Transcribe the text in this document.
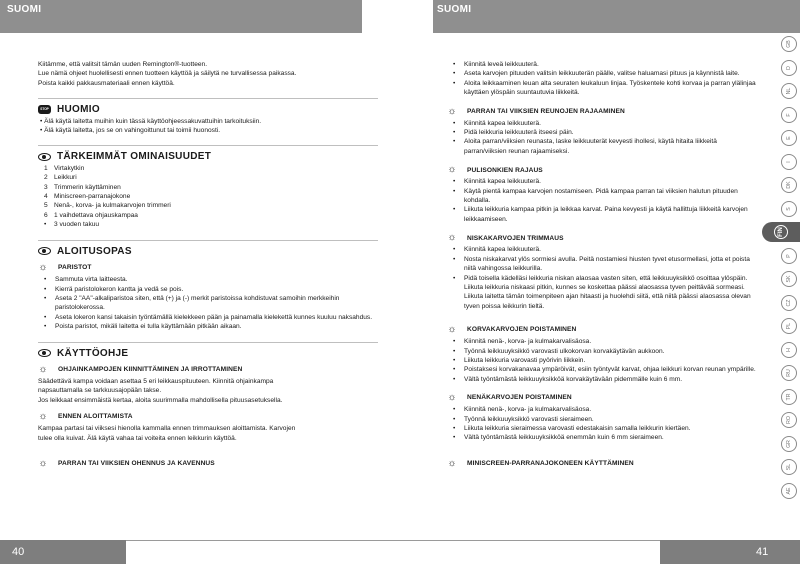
SUOMI
Kiitämme, että valitsit tämän uuden Remington®-tuotteen.
Lue nämä ohjeet huolellisesti ennen tuotteen käyttöä ja säilytä ne turvallisessa paikassa.
Poista kaikki pakkausmateriaali ennen käyttöä.
STOP HUOMIO
• Älä käytä laitetta muihin kuin tässä käyttöohjeessakuvattuihin tarkoituksiin.
• Älä käytä laitetta, jos se on vahingoittunut tai toimii huonosti.
TÄRKEIMMÄT OMINAISUUDET
1 Virtakytkin
2 Leikkuri
3 Trimmerin käyttäminen
4 Miniscreen-parranajokone
5 Nenä-, korva- ja kulmakarvojen trimmeri
6 1 vaihdettava ohjauskampaa
•	3 vuoden takuu
ALOITUSOPAS
☼ PARISTOT
• Sammuta virta laitteesta.
• Kierrä paristolokeron kantta ja vedä se pois.
• Aseta 2 "AA"-alkaliparistoa siten, että (+) ja (-) merkit paristoissa kohdistuvat samoihin merkkeihin paristolokerossa.
• Aseta lokeron kansi takaisin työntämällä kielekkeen pään ja painamalla kielekettä kunnes kuuluu naksahdus.
• Poista paristot, mikäli laitetta ei tulla käyttämään pitkään aikaan.
KÄYTTÖOHJE
☼ OHJAINKAMPOJEN KIINNITTÄMINEN JA IRROTTAMINEN
Säädettävä kampa voidaan asettaa 5 eri leikkauspituuteen. Kiinnitä ohjainkampa
napsauttamalla se tarkkuusajopään takse.
Jos leikkaat ensimmäistä kertaa, aloita suurimmalla mahdollisella pituusasetuksella.
☼ ENNEN ALOITTAMISTA
Kampaa partasi tai viiksesi hienolla kammalla ennen trimmauksen aloittamista. Karvojen
tulee olla kuivat. Älä käytä vahaa tai voiteita ennen leikkurin käyttöä.
☼ PARRAN TAI VIIKSIEN OHENNUS JA KAVENNUS
40
SUOMI
• Kiinnitä leveä leikkuuterä.
• Aseta karvojen pituuden valitsin leikkuuterän päälle, valitse haluamasi pituus ja käynnistä laite.
• Aloita leikkaaminen leuan alta seuraten leukaluun linjaa. Työskentele kohti korvaa ja parran ylälinjaa käyttäen ylöspäin suuntautuvia liikkeitä.
☼ PARRAN TAI VIIKSIEN REUNOJEN RAJAAMINEN
• Kiinnitä kapea leikkuuterä.
• Pidä leikkuria leikkuuterä itseesi päin.
• Aloita parran/viiksien reunasta, laske leikkuuterät kevyesti ihollesi, käytä hitaita liikkeitä parran/viiksien reunan rajaamiseksi.
☼ PULISONKIEN RAJAUS
• Kiinnitä kapea leikkuuterä.
• Käytä pientä kampaa karvojen nostamiseen. Pidä kampaa parran tai viiksien halutun pituuden kohdalla.
• Liikuta leikkuria kampaa pitkin ja leikkaa karvat. Paina kevyesti ja käytä hallittuja liikkeitä karvojen leikkaamiseen.
☼ NISKAKARVOJEN TRIMMAUS
• Kiinnitä kapea leikkuuterä.
• Nosta niskakarvat ylös sormiesi avulla. Peitä nostamiesi hiusten tyvet etusormellasi, jotta et poista niitä vahingossa leikkurilla.
• Pidä toisella kädelläsi leikkuria niskan alaosaa vasten siten, että leikkuuyksikkö osoittaa ylöspäin. Liikuta leikkuria niskaasi pitkin, kunnes se koskettaa päässi alaosassa tyven peittävää sormeasi. Liikuta laitetta tämän toimenpiteen ajan hitaasti ja huolehdi siitä, että niitä päässi alaosassa olevan tyven poissa leikkurin tieltä.
☼ KORVAKARVOJEN POISTAMINEN
• Kiinnitä nenä-, korva- ja kulmakarvalisäosa.
• Työnnä leikkuuyksikkö varovasti ulkokorvan korvakäytävän aukkoon.
• Liikuta leikkuria varovasti pyörivin liikkein.
• Poistaksesi korvakanavaa ympäröivät, esiin työntyvät karvat, ohjaa leikkuri korvan reunan ympärille.
• Vältä työntämästä leikkuuyksikköä korvakäytävään pidemmälle kuin 6 mm.
☼ NENÄKARVOJEN POISTAMINEN
• Kiinnitä nenä-, korva- ja kulmakarvalisäosa.
• Työnnä leikkuuyksikkö varovasti sieraimeen.
• Liikuta leikkuria sieraimessa varovasti edestakaisin samalla leikkurin kiertäen.
• Vältä työntämästä leikkuuyksikköä enemmän kuin 6 mm sieraimeen.
☼ MINISCREEN-PARRANAJOKONEEN KÄYTTÄMINEN
41
GB
D
NL
F
E
I
DK
S
FIN
P
SK
CZ
PL
H
RU
TR
RO
GR
SL
AE
